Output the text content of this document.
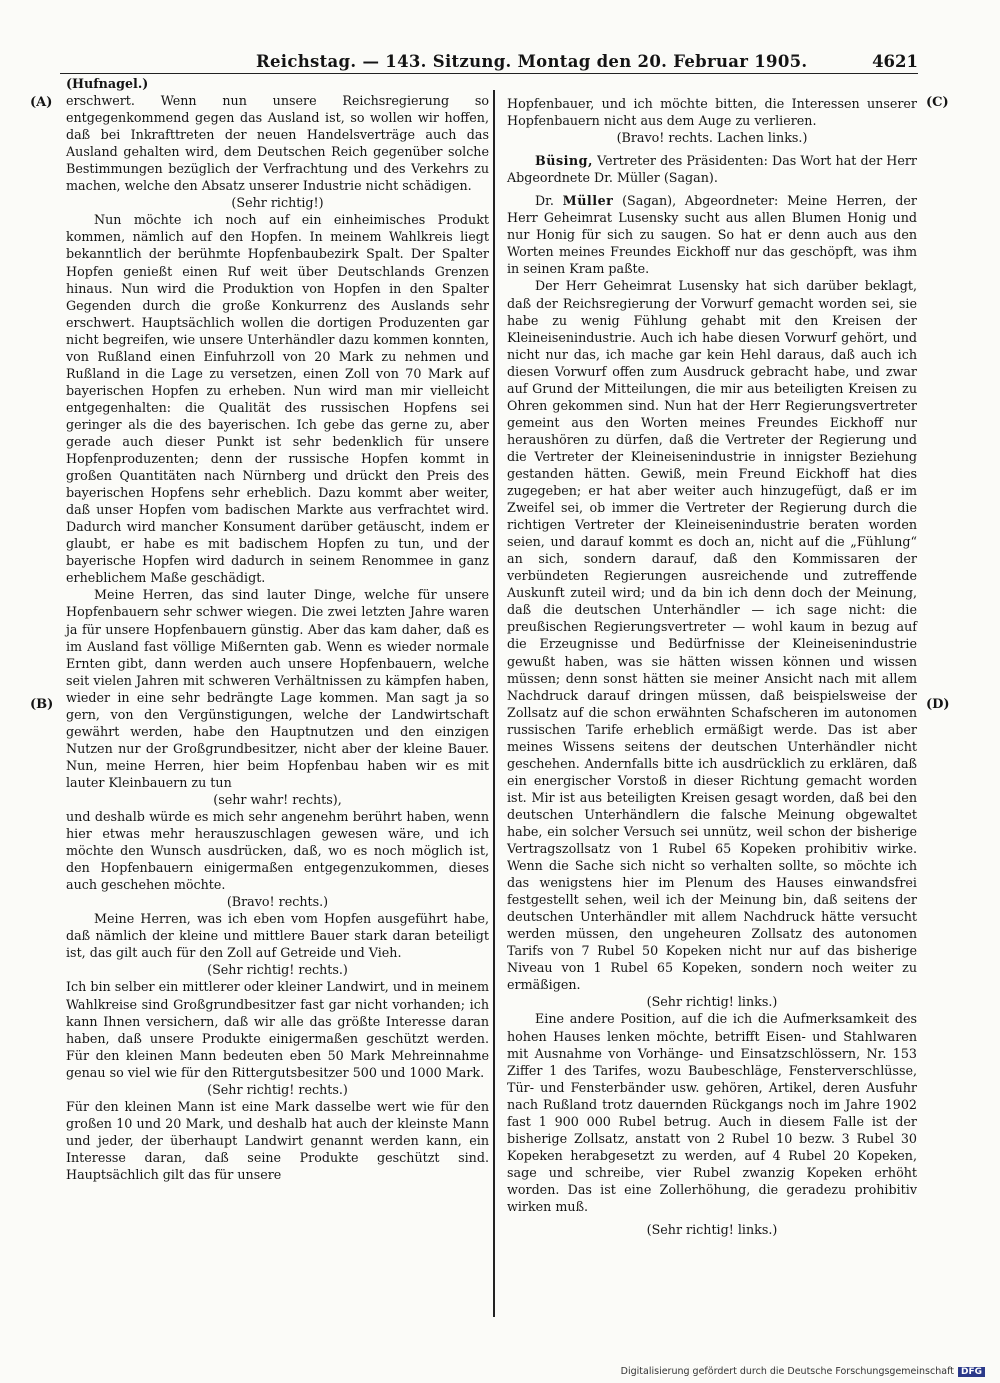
Reichstag. — 143. Sitzung. Montag den 20. Februar 1905.	4621
(A)
(B)
(C)
(D)

(Hufnagel.)

erschwert. Wenn nun unsere Reichsregierung so entgegenkommend gegen das Ausland ist, so wollen wir hoffen, daß bei Inkrafttreten der neuen Handelsverträge auch das Ausland gehalten wird, dem Deutschen Reich gegenüber solche Bestimmungen bezüglich der Verfrachtung und des Verkehrs zu machen, welche den Absatz unserer Industrie nicht schädigen.

(Sehr richtig!)

Nun möchte ich noch auf ein einheimisches Produkt kommen, nämlich auf den Hopfen. In meinem Wahlkreis liegt bekanntlich der berühmte Hopfenbaubezirk Spalt. Der Spalter Hopfen genießt einen Ruf weit über Deutschlands Grenzen hinaus. Nun wird die Produktion von Hopfen in den Spalter Gegenden durch die große Konkurrenz des Auslands sehr erschwert. Hauptsächlich wollen die dortigen Produzenten gar nicht begreifen, wie unsere Unterhändler dazu kommen konnten, von Rußland einen Einfuhrzoll von 20 Mark zu nehmen und Rußland in die Lage zu versetzen, einen Zoll von 70 Mark auf bayerischen Hopfen zu erheben. Nun wird man mir vielleicht entgegenhalten: die Qualität des russischen Hopfens sei geringer als die des bayerischen. Ich gebe das gerne zu, aber gerade auch dieser Punkt ist sehr bedenklich für unsere Hopfenproduzenten; denn der russische Hopfen kommt in großen Quantitäten nach Nürnberg und drückt den Preis des bayerischen Hopfens sehr erheblich. Dazu kommt aber weiter, daß unser Hopfen vom badischen Markte aus verfrachtet wird. Dadurch wird mancher Konsument darüber getäuscht, indem er glaubt, er habe es mit badischem Hopfen zu tun, und der bayerische Hopfen wird dadurch in seinem Renommee in ganz erheblichem Maße geschädigt.

Meine Herren, das sind lauter Dinge, welche für unsere Hopfenbauern sehr schwer wiegen. Die zwei letzten Jahre waren ja für unsere Hopfenbauern günstig. Aber das kam daher, daß es im Ausland fast völlige Mißernten gab. Wenn es wieder normale Ernten gibt, dann werden auch unsere Hopfenbauern, welche seit vielen Jahren mit schweren Verhältnissen zu kämpfen haben, wieder in eine sehr bedrängte Lage kommen. Man sagt ja so gern, von den Vergünstigungen, welche der Landwirtschaft gewährt werden, habe den Hauptnutzen und den einzigen Nutzen nur der Großgrundbesitzer, nicht aber der kleine Bauer. Nun, meine Herren, hier beim Hopfenbau haben wir es mit lauter Kleinbauern zu tun

(sehr wahr! rechts),

und deshalb würde es mich sehr angenehm berührt haben, wenn hier etwas mehr herauszuschlagen gewesen wäre, und ich möchte den Wunsch ausdrücken, daß, wo es noch möglich ist, den Hopfenbauern einigermaßen entgegenzukommen, dieses auch geschehen möchte.

(Bravo! rechts.)

Meine Herren, was ich eben vom Hopfen ausgeführt habe, daß nämlich der kleine und mittlere Bauer stark daran beteiligt ist, das gilt auch für den Zoll auf Getreide und Vieh.

(Sehr richtig! rechts.)

Ich bin selber ein mittlerer oder kleiner Landwirt, und in meinem Wahlkreise sind Großgrundbesitzer fast gar nicht vorhanden; ich kann Ihnen versichern, daß wir alle das größte Interesse daran haben, daß unsere Produkte einigermaßen geschützt werden. Für den kleinen Mann bedeuten eben 50 Mark Mehreinnahme genau so viel wie für den Rittergutsbesitzer 500 und 1000 Mark.

(Sehr richtig! rechts.)

Für den kleinen Mann ist eine Mark dasselbe wert wie für den großen 10 und 20 Mark, und deshalb hat auch der kleinste Mann und jeder, der überhaupt Landwirt genannt werden kann, ein Interesse daran, daß seine Produkte geschützt sind. Hauptsächlich gilt das für unsere

Hopfenbauer, und ich möchte bitten, die Interessen unserer Hopfenbauern nicht aus dem Auge zu verlieren.

(Bravo! rechts. Lachen links.)

Büsing, Vertreter des Präsidenten: Das Wort hat der Herr Abgeordnete Dr. Müller (Sagan).

Dr. Müller (Sagan), Abgeordneter: Meine Herren, der Herr Geheimrat Lusensky sucht aus allen Blumen Honig und nur Honig für sich zu saugen. So hat er denn auch aus den Worten meines Freundes Eickhoff nur das geschöpft, was ihm in seinen Kram paßte.

Der Herr Geheimrat Lusensky hat sich darüber beklagt, daß der Reichsregierung der Vorwurf gemacht worden sei, sie habe zu wenig Fühlung gehabt mit den Kreisen der Kleineisenindustrie. Auch ich habe diesen Vorwurf gehört, und nicht nur das, ich mache gar kein Hehl daraus, daß auch ich diesen Vorwurf offen zum Ausdruck gebracht habe, und zwar auf Grund der Mitteilungen, die mir aus beteiligten Kreisen zu Ohren gekommen sind. Nun hat der Herr Regierungsvertreter gemeint aus den Worten meines Freundes Eickhoff nur heraushören zu dürfen, daß die Vertreter der Regierung und die Vertreter der Kleineisenindustrie in innigster Beziehung gestanden hätten. Gewiß, mein Freund Eickhoff hat dies zugegeben; er hat aber weiter auch hinzugefügt, daß er im Zweifel sei, ob immer die Vertreter der Regierung durch die richtigen Vertreter der Kleineisenindustrie beraten worden seien, und darauf kommt es doch an, nicht auf die „Fühlung“ an sich, sondern darauf, daß den Kommissaren der verbündeten Regierungen ausreichende und zutreffende Auskunft zuteil wird; und da bin ich denn doch der Meinung, daß die deutschen Unterhändler — ich sage nicht: die preußischen Regierungsvertreter — wohl kaum in bezug auf die Erzeugnisse und Bedürfnisse der Kleineisenindustrie gewußt haben, was sie hätten wissen können und wissen müssen; denn sonst hätten sie meiner Ansicht nach mit allem Nachdruck darauf dringen müssen, daß beispielsweise der Zollsatz auf die schon erwähnten Schafscheren im autonomen russischen Tarife erheblich ermäßigt werde. Das ist aber meines Wissens seitens der deutschen Unterhändler nicht geschehen. Andernfalls bitte ich ausdrücklich zu erklären, daß ein energischer Vorstoß in dieser Richtung gemacht worden ist. Mir ist aus beteiligten Kreisen gesagt worden, daß bei den deutschen Unterhändlern die falsche Meinung obgewaltet habe, ein solcher Versuch sei unnütz, weil schon der bisherige Vertragszollsatz von 1 Rubel 65 Kopeken prohibitiv wirke. Wenn die Sache sich nicht so verhalten sollte, so möchte ich das wenigstens hier im Plenum des Hauses einwandsfrei festgestellt sehen, weil ich der Meinung bin, daß seitens der deutschen Unterhändler mit allem Nachdruck hätte versucht werden müssen, den ungeheuren Zollsatz des autonomen Tarifs von 7 Rubel 50 Kopeken nicht nur auf das bisherige Niveau von 1 Rubel 65 Kopeken, sondern noch weiter zu ermäßigen.

(Sehr richtig! links.)

Eine andere Position, auf die ich die Aufmerksamkeit des hohen Hauses lenken möchte, betrifft Eisen- und Stahlwaren mit Ausnahme von Vorhänge- und Einsatzschlössern, Nr. 153 Ziffer 1 des Tarifes, wozu Baubeschläge, Fensterverschlüsse, Tür- und Fensterbänder usw. gehören, Artikel, deren Ausfuhr nach Rußland trotz dauernden Rückgangs noch im Jahre 1902 fast 1 900 000 Rubel betrug. Auch in diesem Falle ist der bisherige Zollsatz, anstatt von 2 Rubel 10 bezw. 3 Rubel 30 Kopeken herabgesetzt zu werden, auf 4 Rubel 20 Kopeken, sage und schreibe, vier Rubel zwanzig Kopeken erhöht worden. Das ist eine Zollerhöhung, die geradezu prohibitiv wirken muß.

(Sehr richtig! links.)

Digitalisierung gefördert durch die Deutsche Forschungsgemeinschaft DFG
